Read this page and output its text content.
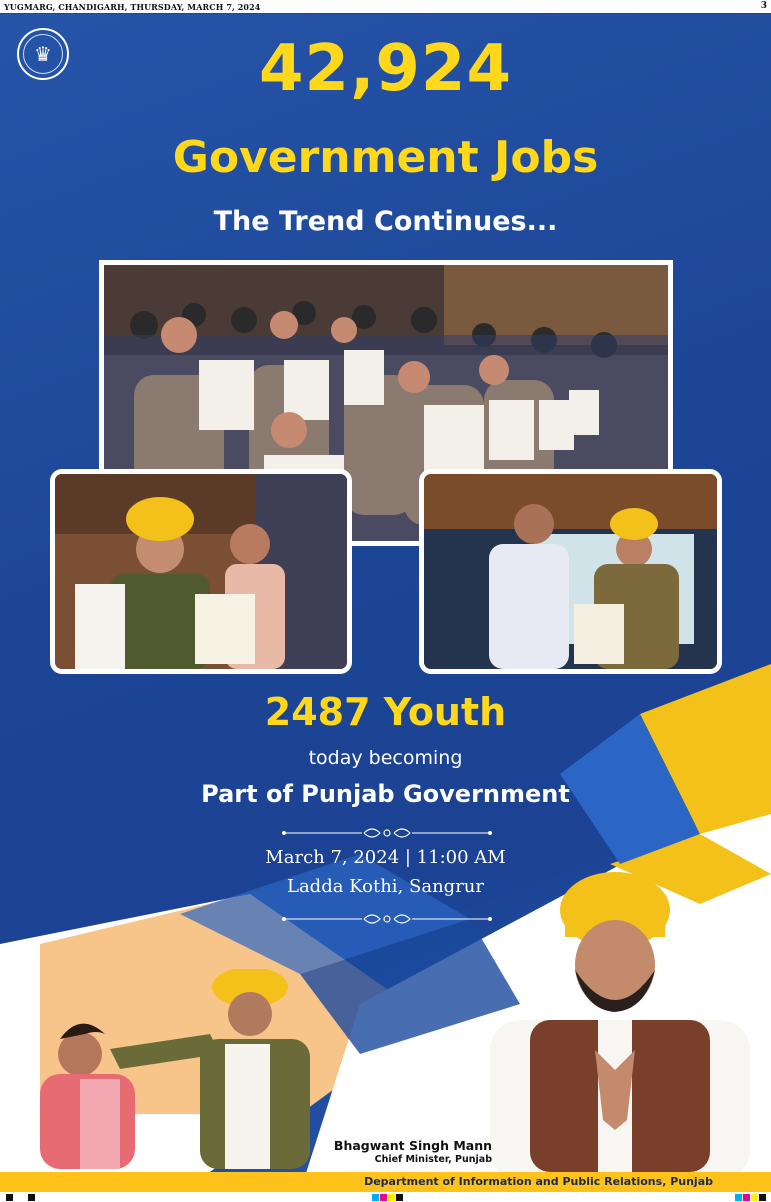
YUGMARG, CHANDIGARH, THURSDAY, MARCH 7, 2024	3
♛	42,924
Government Jobs
The Trend Continues...
2487 Youth
today becoming
Part of Punjab Government
March 7, 2024 | 11:00 AM
Ladda Kothi, Sangrur
Bhagwant Singh Mann
Chief Minister, Punjab
Department of Information and Public Relations, Punjab
